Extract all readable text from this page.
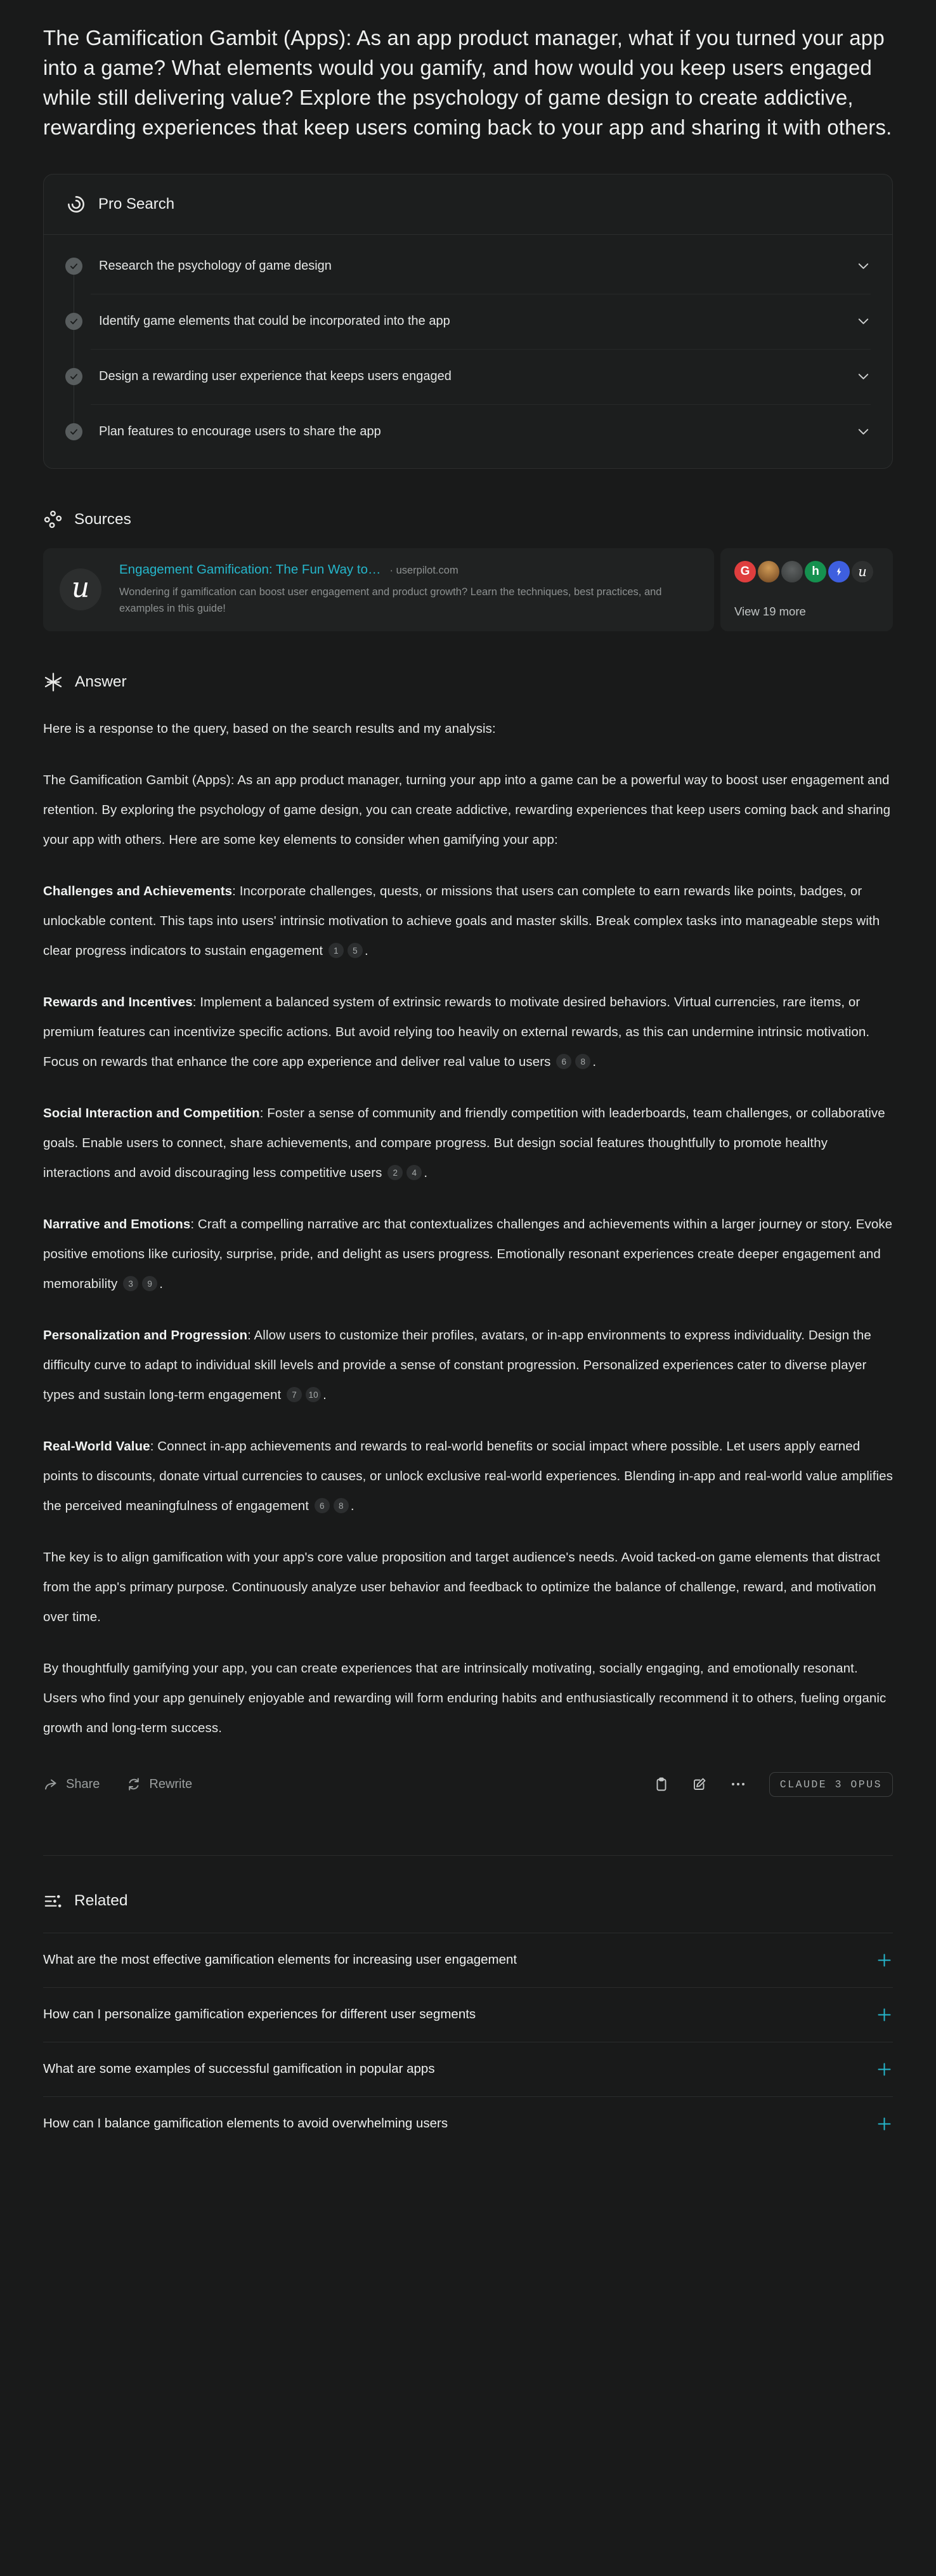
The Gamification Gambit (Apps): As an app product manager, what if you turned your app into a game? What elements would you gamify, and how would you keep users engaged while still delivering value? Explore the psychology of game design to create addictive, rewarding experiences that keep users coming back to your app and sharing it with others.
Pro Search
Research the psychology of game design
Identify game elements that could be incorporated into the app
Design a rewarding user experience that keeps users engaged
Plan features to encourage users to share the app
Sources
u
Engagement Gamification: The Fun Way to… · userpilot.com
Wondering if gamification can boost user engagement and product growth? Learn the techniques, best practices, and examples in this guide!
G	h	u
View 19 more
Answer

Here is a response to the query, based on the search results and my analysis:

The Gamification Gambit (Apps): As an app product manager, turning your app into a game can be a powerful way to boost user engagement and retention. By exploring the psychology of game design, you can create addictive, rewarding experiences that keep users coming back and sharing your app with others. Here are some key elements to consider when gamifying your app:

Challenges and Achievements: Incorporate challenges, quests, or missions that users can complete to earn rewards like points, badges, or unlockable content. This taps into users' intrinsic motivation to achieve goals and master skills. Break complex tasks into manageable steps with clear progress indicators to sustain engagement 1 5 .

Rewards and Incentives: Implement a balanced system of extrinsic rewards to motivate desired behaviors. Virtual currencies, rare items, or premium features can incentivize specific actions. But avoid relying too heavily on external rewards, as this can undermine intrinsic motivation. Focus on rewards that enhance the core app experience and deliver real value to users 6 8 .

Social Interaction and Competition: Foster a sense of community and friendly competition with leaderboards, team challenges, or collaborative goals. Enable users to connect, share achievements, and compare progress. But design social features thoughtfully to promote healthy interactions and avoid discouraging less competitive users 2 4 .

Narrative and Emotions: Craft a compelling narrative arc that contextualizes challenges and achievements within a larger journey or story. Evoke positive emotions like curiosity, surprise, pride, and delight as users progress. Emotionally resonant experiences create deeper engagement and memorability 3 9 .

Personalization and Progression: Allow users to customize their profiles, avatars, or in-app environments to express individuality. Design the difficulty curve to adapt to individual skill levels and provide a sense of constant progression. Personalized experiences cater to diverse player types and sustain long-term engagement 7 10 .

Real-World Value: Connect in-app achievements and rewards to real-world benefits or social impact where possible. Let users apply earned points to discounts, donate virtual currencies to causes, or unlock exclusive real-world experiences. Blending in-app and real-world value amplifies the perceived meaningfulness of engagement 6 8 .

The key is to align gamification with your app's core value proposition and target audience's needs. Avoid tacked-on game elements that distract from the app's primary purpose. Continuously analyze user behavior and feedback to optimize the balance of challenge, reward, and motivation over time.

By thoughtfully gamifying your app, you can create experiences that are intrinsically motivating, socially engaging, and emotionally resonant. Users who find your app genuinely enjoyable and rewarding will form enduring habits and enthusiastically recommend it to others, fueling organic growth and long-term success.

Share	Rewrite	CLAUDE 3 OPUS
Related
What are the most effective gamification elements for increasing user engagement
How can I personalize gamification experiences for different user segments
What are some examples of successful gamification in popular apps
How can I balance gamification elements to avoid overwhelming users
